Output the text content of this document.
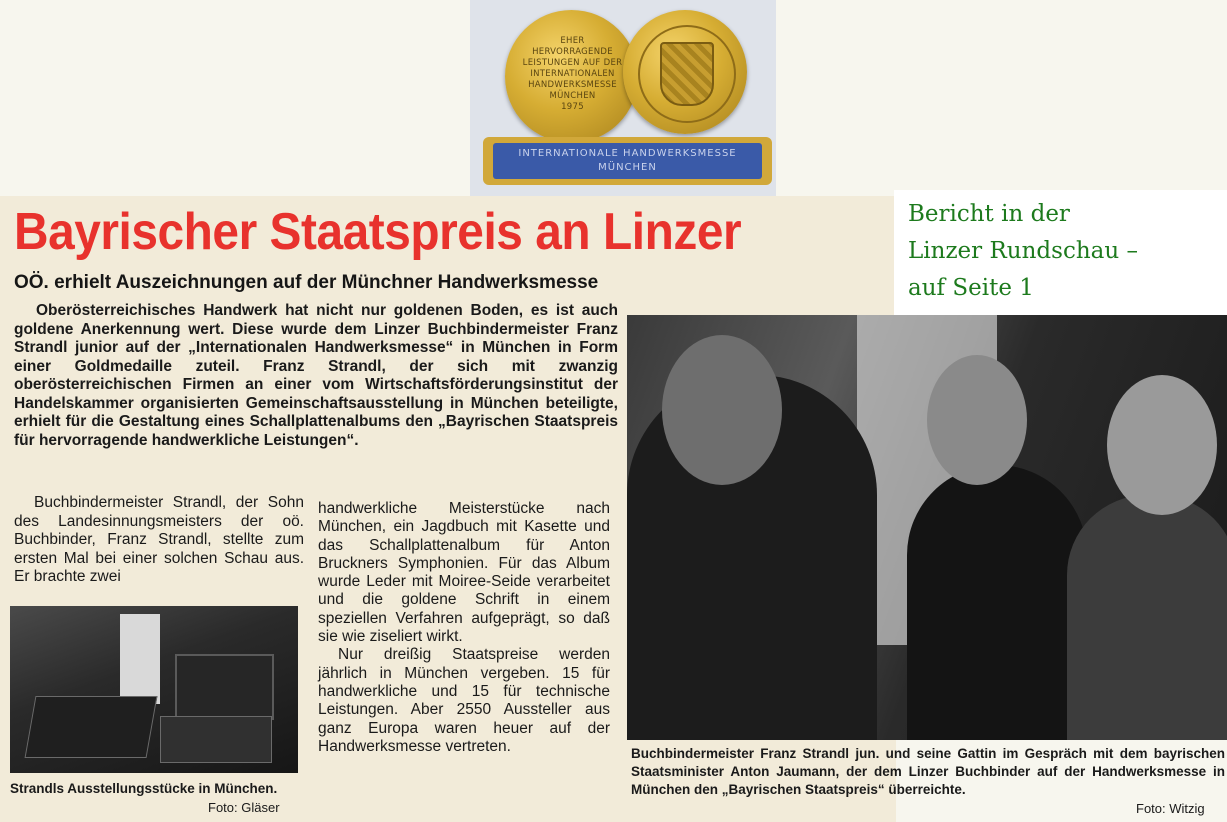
EHER
HERVORRAGENDE
LEISTUNGEN AUF DER
INTERNATIONALEN
HANDWERKSMESSE
MÜNCHEN
1975
INTERNATIONALE HANDWERKSMESSE
MÜNCHEN
Bayrischer Staatspreis an Linzer
OÖ. erhielt Auszeichnungen auf der Münchner Handwerksmesse
Oberösterreichisches Handwerk hat nicht nur goldenen Boden, es ist auch goldene Anerkennung wert. Diese wurde dem Linzer Buchbindermeister Franz Strandl junior auf der „Internationalen Handwerksmesse“ in München in Form einer Goldmedaille zuteil. Franz Strandl, der sich mit zwanzig oberösterreichischen Firmen an einer vom Wirtschaftsförderungsinstitut der Handelskammer organisierten Gemeinschaftsausstellung in München beteiligte, erhielt für die Gestaltung eines Schallplattenalbums den „Bayrischen Staatspreis für hervorragende handwerkliche Leistungen“.
Buchbindermeister Strandl, der Sohn des Landesinnungsmeisters der oö. Buchbinder, Franz Strandl, stellte zum ersten Mal bei einer solchen Schau aus. Er brachte zwei

handwerkliche Meisterstücke nach München, ein Jagdbuch mit Kasette und das Schallplattenalbum für Anton Bruckners Symphonien. Für das Album wurde Leder mit Moiree-Seide verarbeitet und die goldene Schrift in einem speziellen Verfahren aufgeprägt, so daß sie wie ziseliert wirkt.

Nur dreißig Staatspreise werden jährlich in München vergeben. 15 für handwerkliche und 15 für technische Leistungen. Aber 2550 Aussteller aus ganz Europa waren heuer auf der Handwerksmesse vertreten.

Strandls Ausstellungsstücke in München.
Foto: Gläser
Buchbindermeister Franz Strandl jun. und seine Gattin im Gespräch mit dem bayrischen Staatsminister Anton Jaumann, der dem Linzer Buchbinder auf der Handwerksmesse in München den „Bayrischen Staatspreis“ überreichte.
Foto: Witzig
Bericht in der
Linzer Rundschau –
auf Seite 1
